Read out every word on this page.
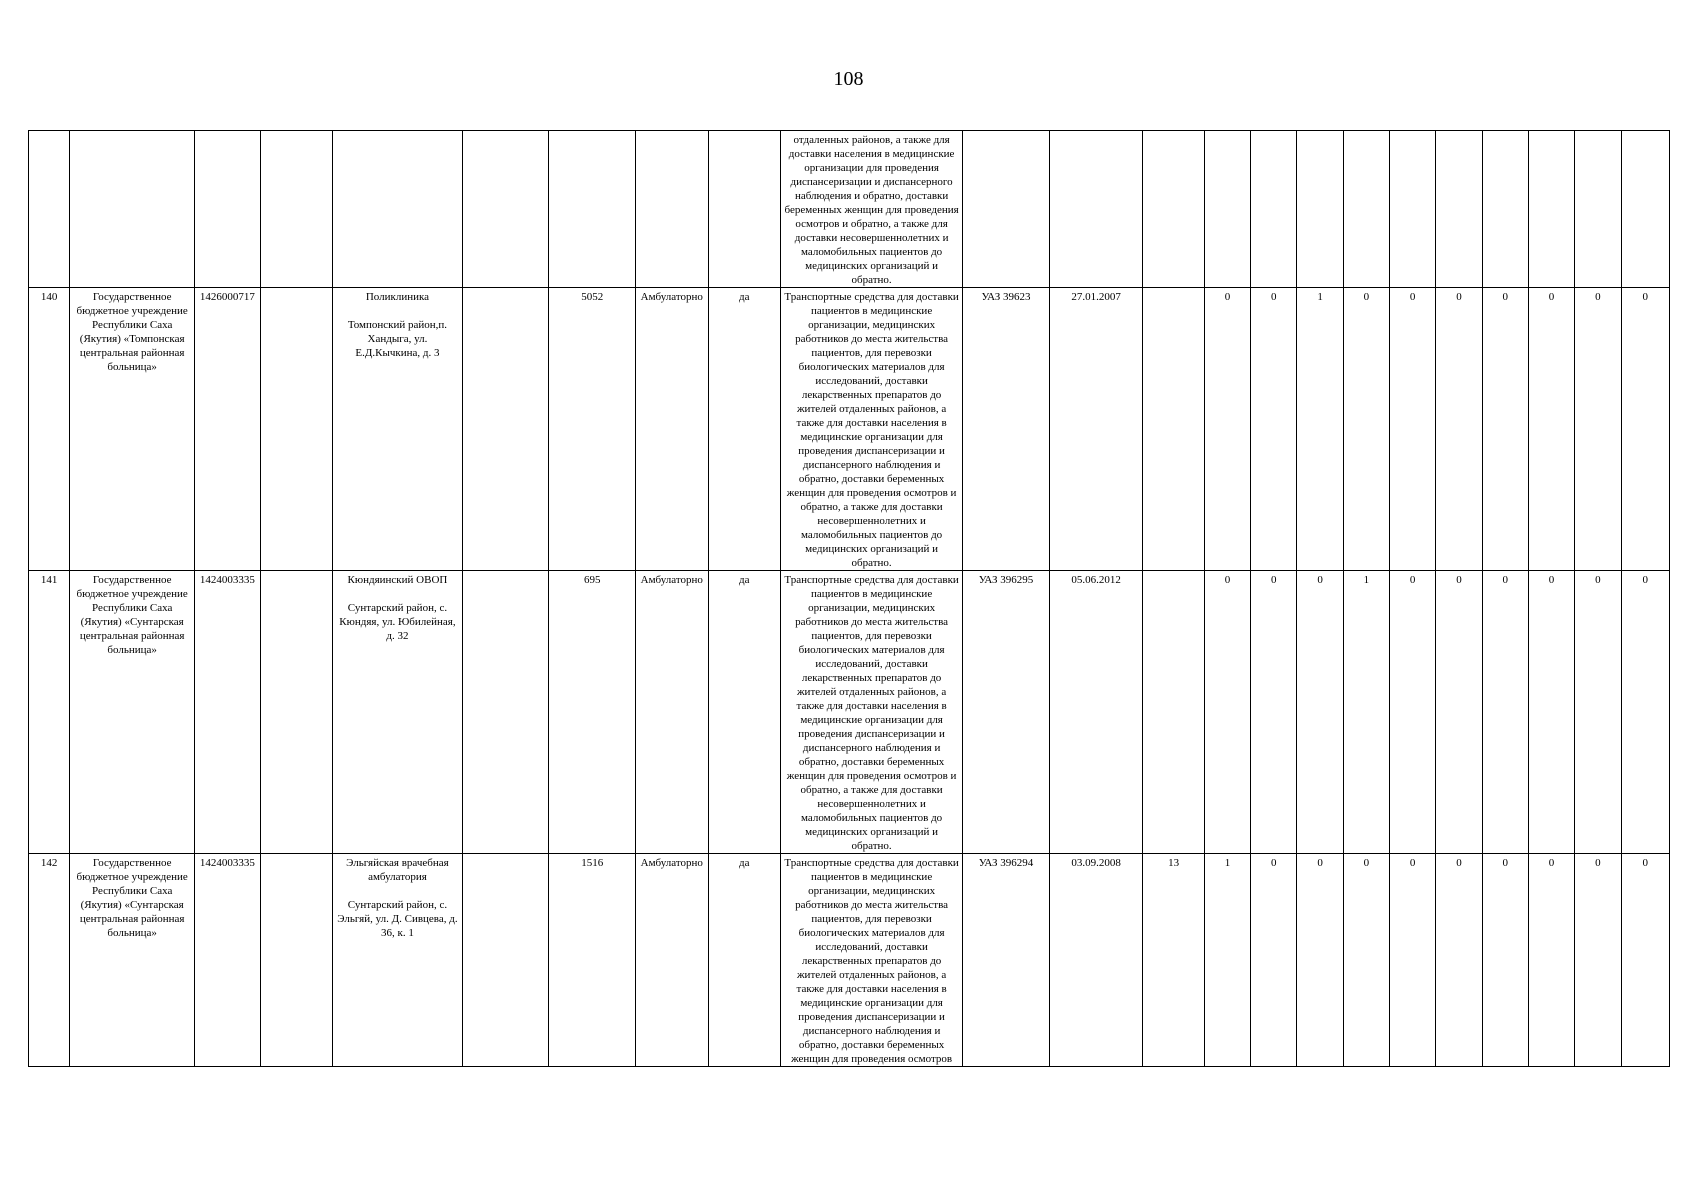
108
									отдаленных районов, а также для доставки населения в медицинские организации для проведения диспансеризации и диспансерного наблюдения и обратно, доставки беременных женщин для проведения осмотров и обратно, а также для доставки несовершеннолетних и маломобильных пациентов до медицинских организаций и обратно.													
140	Государственное бюджетное учреждение Республики Саха (Якутия) «Томпонская центральная районная больница»	1426000717		Поликлиника
Томпонский район,п. Хандыга, ул. Е.Д.Кычкина, д. 3		5052	Амбулаторно	да	Транспортные средства для доставки пациентов в медицинские организации, медицинских работников до места жительства пациентов, для перевозки биологических материалов для исследований, доставки лекарственных препаратов до жителей отдаленных районов, а также для доставки населения в медицинские организации для проведения диспансеризации и диспансерного наблюдения и обратно, доставки беременных женщин для проведения осмотров и обратно, а также для доставки несовершеннолетних и маломобильных пациентов до медицинских организаций и обратно.	УАЗ 39623	27.01.2007		0	0	1	0	0	0	0	0	0	0
141	Государственное бюджетное учреждение Республики Саха (Якутия) «Сунтарская центральная районная больница»	1424003335		Кюндяинский ОВОП
Сунтарский район, с. Кюндяя, ул. Юбилейная, д. 32		695	Амбулаторно	да	Транспортные средства для доставки пациентов в медицинские организации, медицинских работников до места жительства пациентов, для перевозки биологических материалов для исследований, доставки лекарственных препаратов до жителей отдаленных районов, а также для доставки населения в медицинские организации для проведения диспансеризации и диспансерного наблюдения и обратно, доставки беременных женщин для проведения осмотров и обратно, а также для доставки несовершеннолетних и маломобильных пациентов до медицинских организаций и обратно.	УАЗ 396295	05.06.2012		0	0	0	1	0	0	0	0	0	0
142	Государственное бюджетное учреждение Республики Саха (Якутия) «Сунтарская центральная районная больница»	1424003335		Эльгяйская врачебная амбулатория
Сунтарский район, с. Эльгяй, ул. Д. Сивцева, д. 36, к. 1		1516	Амбулаторно	да	Транспортные средства для доставки пациентов в медицинские организации, медицинских работников до места жительства пациентов, для перевозки биологических материалов для исследований, доставки лекарственных препаратов до жителей отдаленных районов, а также для доставки населения в медицинские организации для проведения диспансеризации и диспансерного наблюдения и обратно, доставки беременных женщин для проведения осмотров	УАЗ 396294	03.09.2008	13	1	0	0	0	0	0	0	0	0	0
